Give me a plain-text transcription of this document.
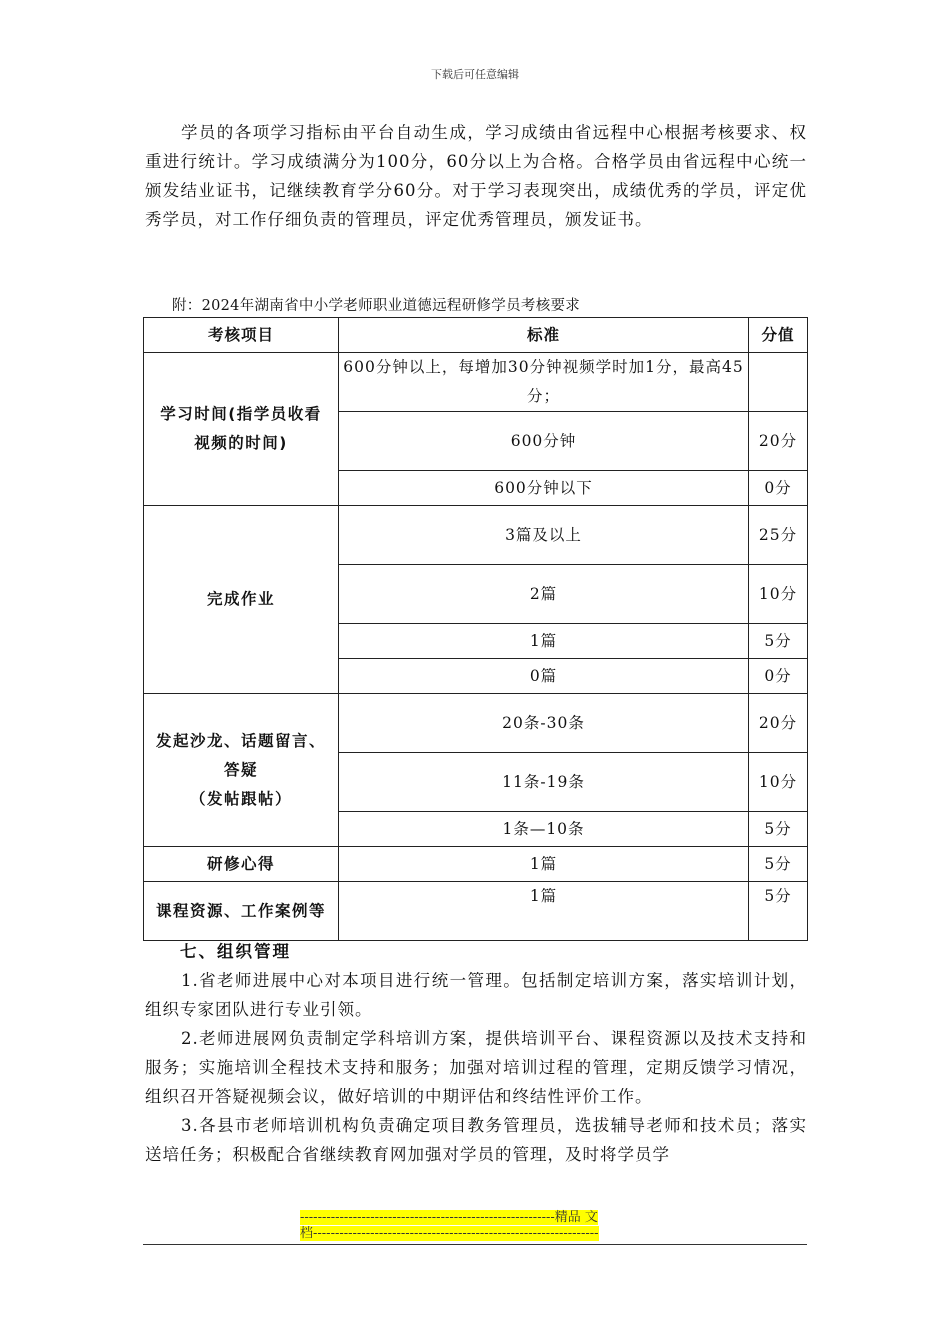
下载后可任意编辑

学员的各项学习指标由平台自动生成，学习成绩由省远程中心根据考核要求、权重进行统计。学习成绩满分为100分，60分以上为合格。合格学员由省远程中心统一颁发结业证书，记继续教育学分60分。对于学习表现突出，成绩优秀的学员，评定优秀学员，对工作仔细负责的管理员，评定优秀管理员，颁发证书。

附：2024年湖南省中小学老师职业道德远程研修学员考核要求
考核项目	标准	分值

学习时间(指学员收看
视频的时间)	600分钟以上，每增加30分钟视频学时加1分，最高45分；	
	600分钟	20分
	600分钟以下	0分
完成作业	3篇及以上	25分
	2篇	10分
	1篇	5分
	0篇	0分

发起沙龙、话题留言、答疑
（发帖跟帖）	20条-30条	20分
	11条-19条	10分
	1条—10条	5分
研修心得	1篇	5分
课程资源、工作案例等	1篇	5分
七、组织管理

1.省老师进展中心对本项目进行统一管理。包括制定培训方案，落实培训计划，组织专家团队进行专业引领。

2.老师进展网负责制定学科培训方案，提供培训平台、课程资源以及技术支持和服务；实施培训全程技术支持和服务；加强对培训过程的管理，定期反馈学习情况，组织召开答疑视频会议，做好培训的中期评估和终结性评价工作。

3.各县市老师培训机构负责确定项目教务管理员，选拔辅导老师和技术员；落实送培任务；积极配合省继续教育网加强对学员的管理，及时将学员学

----------------------------------------------------------精品 文
档-----------------------------------------------------------------
